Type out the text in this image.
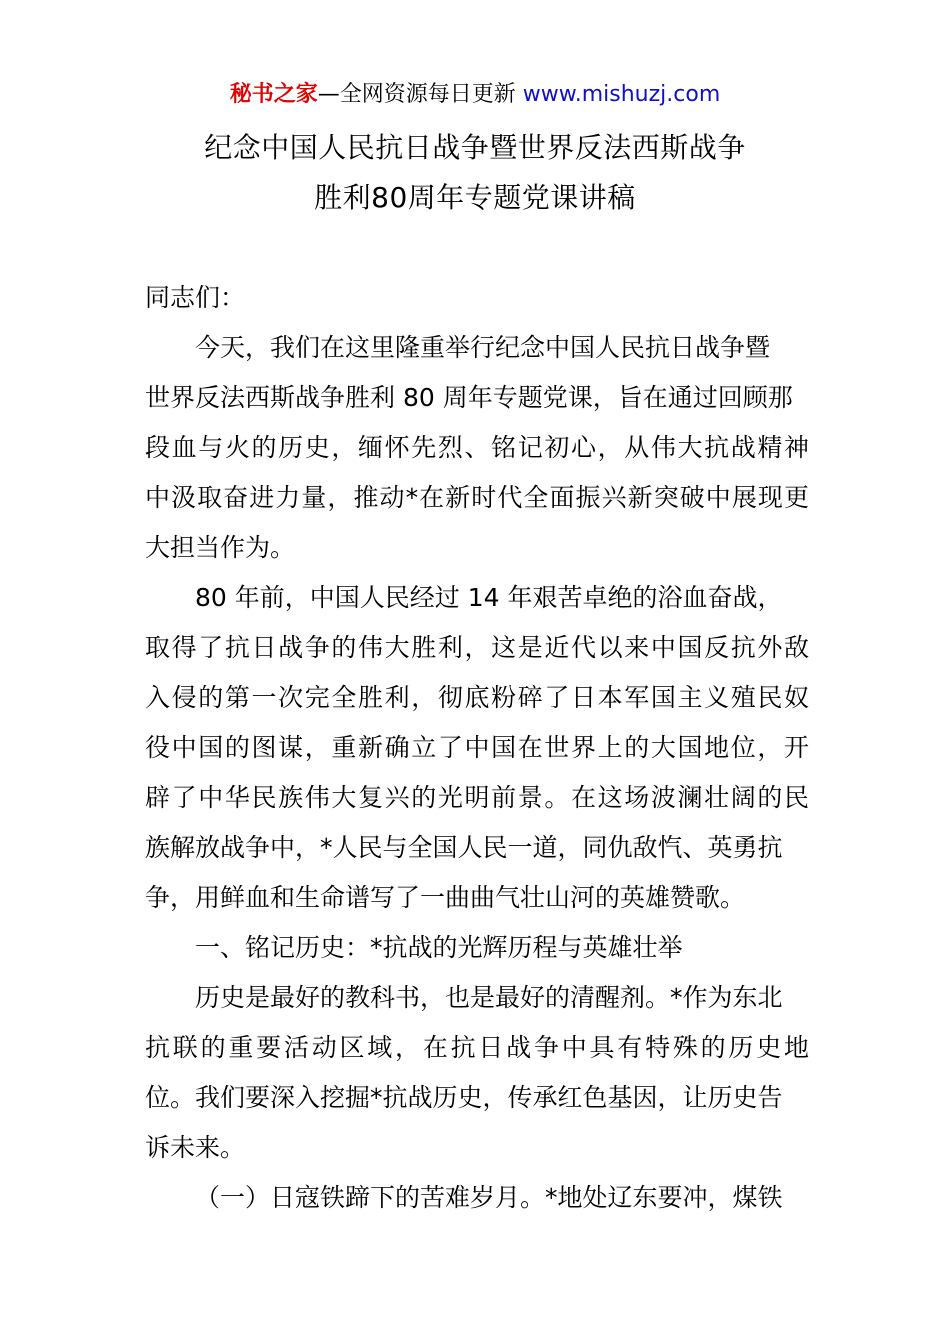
秘书之家—全网资源每日更新 www.mishuzj.com
纪念中国人民抗日战争暨世界反法西斯战争
胜利80周年专题党课讲稿
同志们：
今天，我们在这里隆重举行纪念中国人民抗日战争暨
世界反法西斯战争胜利 80 周年专题党课，旨在通过回顾那
段血与火的历史，缅怀先烈、铭记初心，从伟大抗战精神
中汲取奋进力量，推动*在新时代全面振兴新突破中展现更
大担当作为。
80 年前，中国人民经过 14 年艰苦卓绝的浴血奋战，
取得了抗日战争的伟大胜利，这是近代以来中国反抗外敌
入侵的第一次完全胜利，彻底粉碎了日本军国主义殖民奴
役中国的图谋，重新确立了中国在世界上的大国地位，开
辟了中华民族伟大复兴的光明前景。在这场波澜壮阔的民
族解放战争中，*人民与全国人民一道，同仇敌忾、英勇抗
争，用鲜血和生命谱写了一曲曲气壮山河的英雄赞歌。
一、铭记历史：*抗战的光辉历程与英雄壮举
历史是最好的教科书，也是最好的清醒剂。*作为东北
抗联的重要活动区域，在抗日战争中具有特殊的历史地
位。我们要深入挖掘*抗战历史，传承红色基因，让历史告
诉未来。
（一）日寇铁蹄下的苦难岁月。*地处辽东要冲，煤铁
